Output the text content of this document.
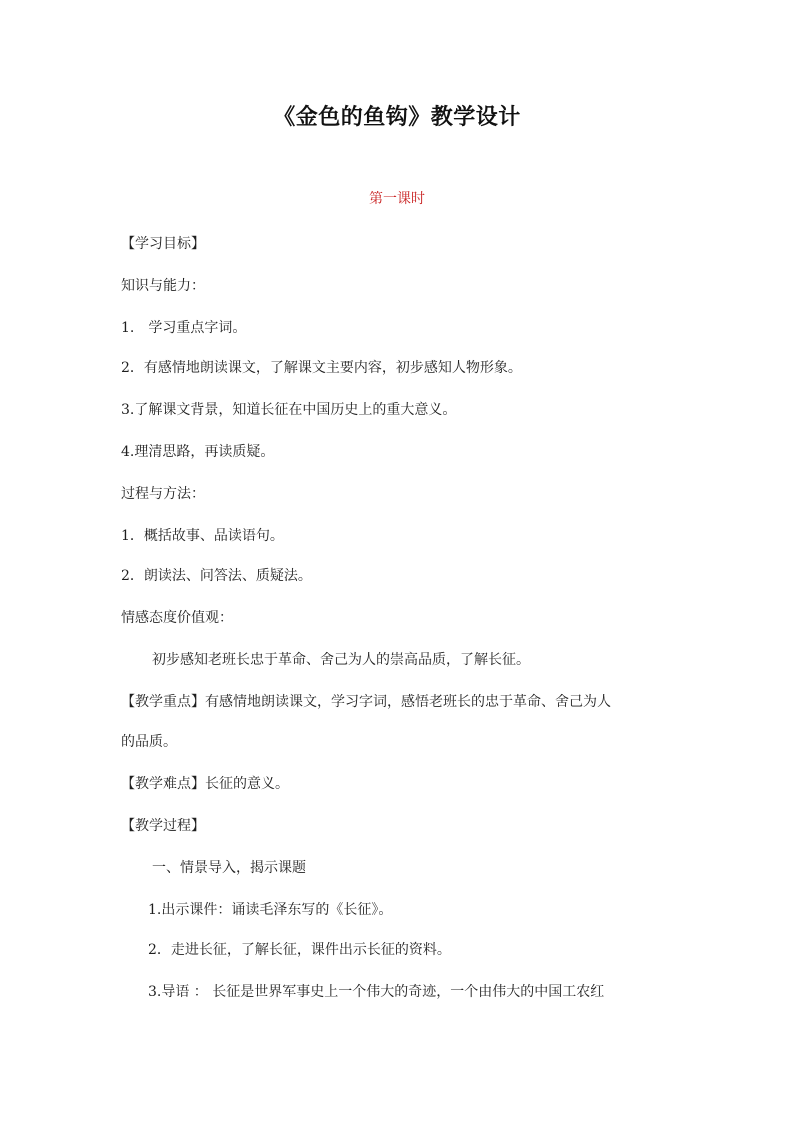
《金色的鱼钩》教学设计
第一课时
【学习目标】
知识与能力：
1.　学习重点字词。
2．有感情地朗读课文，了解课文主要内容，初步感知人物形象。
3.了解课文背景，知道长征在中国历史上的重大意义。
4.理清思路，再读质疑。
过程与方法：
1．概括故事、品读语句。
2．朗读法、问答法、质疑法。
情感态度价值观：
初步感知老班长忠于革命、舍己为人的崇高品质，了解长征。
【教学重点】有感情地朗读课文，学习字词，感悟老班长的忠于革命、舍己为人
的品质。
【教学难点】长征的意义。
【教学过程】
一、情景导入，揭示课题
1.出示课件：诵读毛泽东写的《长征》。
2．走进长征，了解长征，课件出示长征的资料。
3.导语 ： 长征是世界军事史上一个伟大的奇迹，一个由伟大的中国工农红
